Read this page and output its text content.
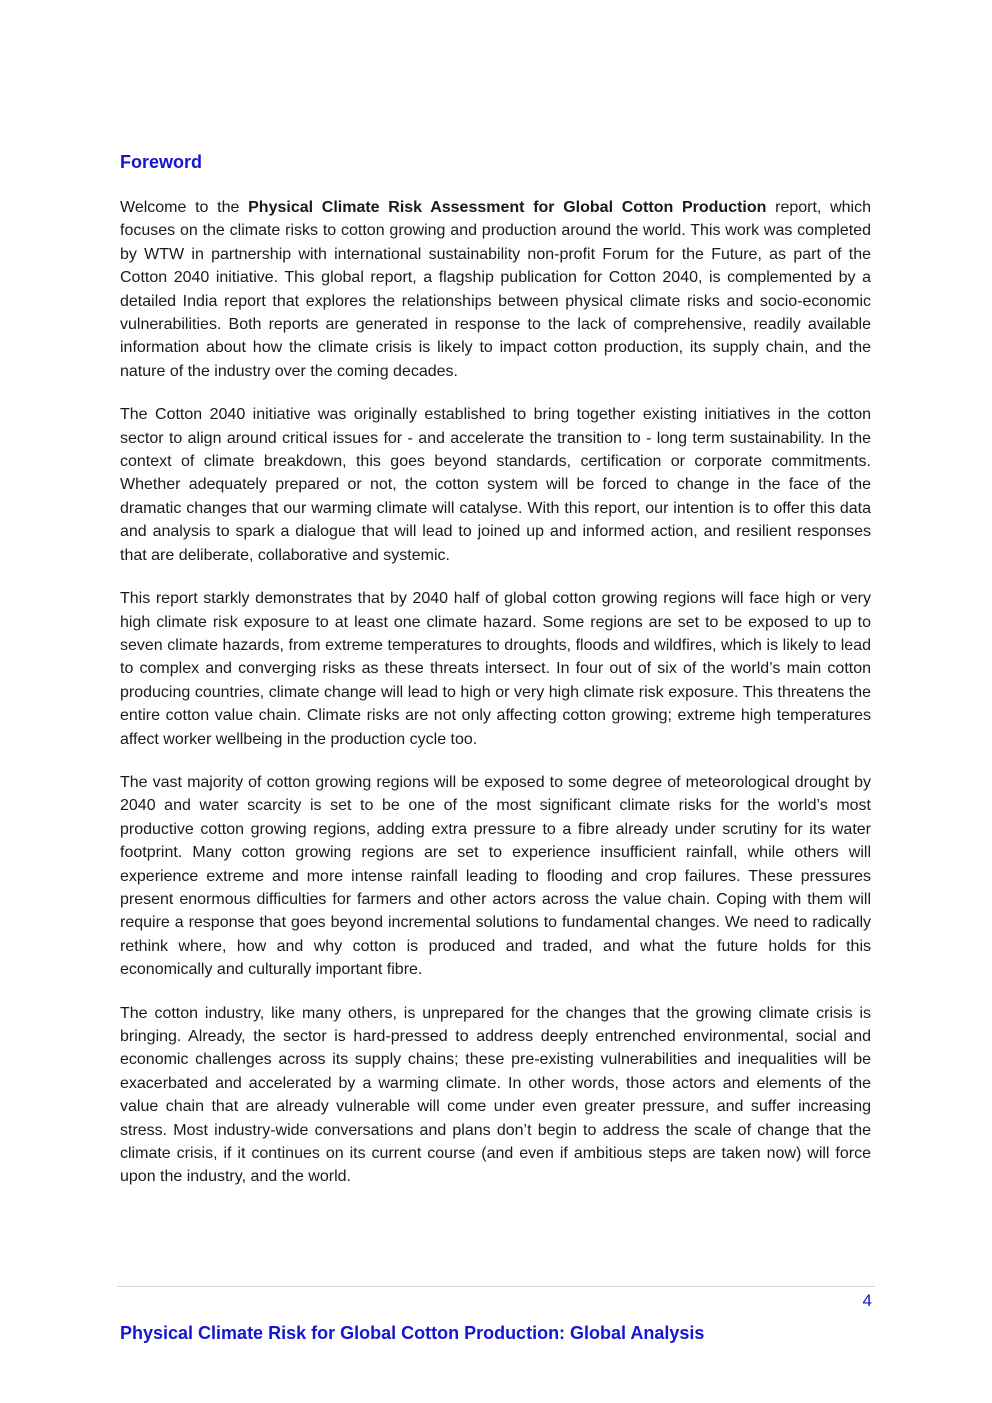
Foreword

Welcome to the Physical Climate Risk Assessment for Global Cotton Production report, which focuses on the climate risks to cotton growing and production around the world. This work was completed by WTW in partnership with international sustainability non-profit Forum for the Future, as part of the Cotton 2040 initiative. This global report, a flagship publication for Cotton 2040, is complemented by a detailed India report that explores the relationships between physical climate risks and socio-economic vulnerabilities. Both reports are generated in response to the lack of comprehensive, readily available information about how the climate crisis is likely to impact cotton production, its supply chain, and the nature of the industry over the coming decades.

The Cotton 2040 initiative was originally established to bring together existing initiatives in the cotton sector to align around critical issues for - and accelerate the transition to - long term sustainability. In the context of climate breakdown, this goes beyond standards, certification or corporate commitments. Whether adequately prepared or not, the cotton system will be forced to change in the face of the dramatic changes that our warming climate will catalyse. With this report, our intention is to offer this data and analysis to spark a dialogue that will lead to joined up and informed action, and resilient responses that are deliberate, collaborative and systemic.

This report starkly demonstrates that by 2040 half of global cotton growing regions will face high or very high climate risk exposure to at least one climate hazard. Some regions are set to be exposed to up to seven climate hazards, from extreme temperatures to droughts, floods and wildfires, which is likely to lead to complex and converging risks as these threats intersect. In four out of six of the world’s main cotton producing countries, climate change will lead to high or very high climate risk exposure. This threatens the entire cotton value chain. Climate risks are not only affecting cotton growing; extreme high temperatures affect worker wellbeing in the production cycle too.

The vast majority of cotton growing regions will be exposed to some degree of meteorological drought by 2040 and water scarcity is set to be one of the most significant climate risks for the world’s most productive cotton growing regions, adding extra pressure to a fibre already under scrutiny for its water footprint. Many cotton growing regions are set to experience insufficient rainfall, while others will experience extreme and more intense rainfall leading to flooding and crop failures. These pressures present enormous difficulties for farmers and other actors across the value chain. Coping with them will require a response that goes beyond incremental solutions to fundamental changes. We need to radically rethink where, how and why cotton is produced and traded, and what the future holds for this economically and culturally important fibre.

The cotton industry, like many others, is unprepared for the changes that the growing climate crisis is bringing. Already, the sector is hard-pressed to address deeply entrenched environmental, social and economic challenges across its supply chains; these pre-existing vulnerabilities and inequalities will be exacerbated and accelerated by a warming climate. In other words, those actors and elements of the value chain that are already vulnerable will come under even greater pressure, and suffer increasing stress. Most industry-wide conversations and plans don’t begin to address the scale of change that the climate crisis, if it continues on its current course (and even if ambitious steps are taken now) will force upon the industry, and the world.

4
Physical Climate Risk for Global Cotton Production: Global Analysis
